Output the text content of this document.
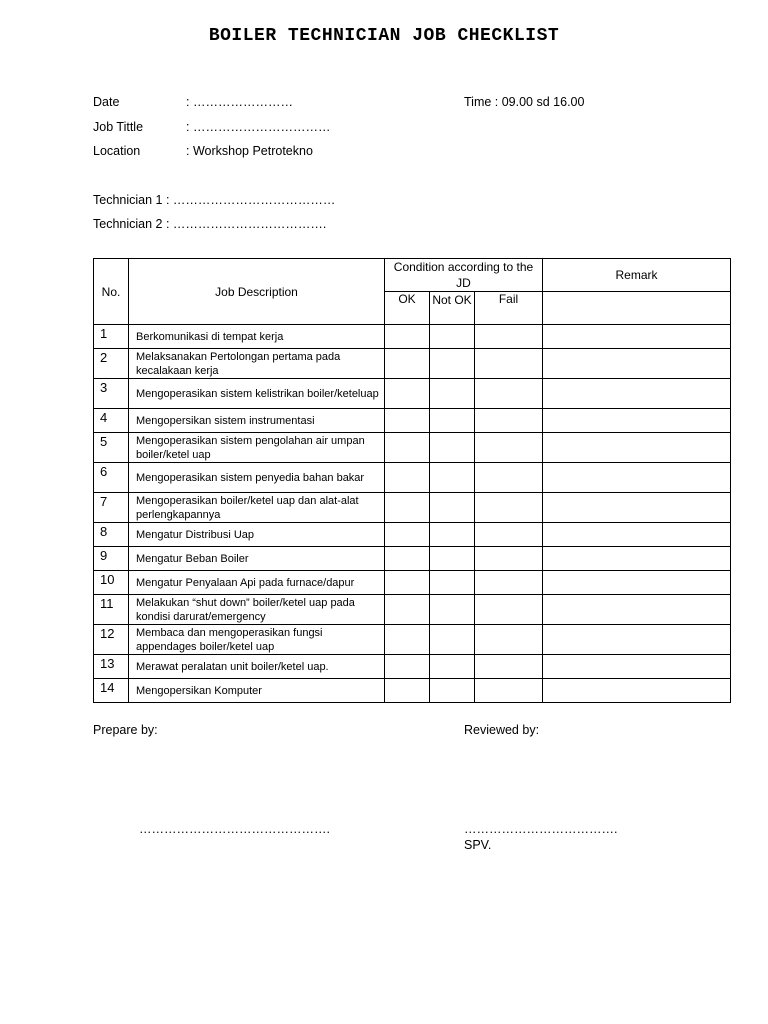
BOILER TECHNICIAN JOB CHECKLIST
Date	: ……………………	Time : 09.00 sd 16.00
Job Tittle	: ……………………………
Location	: Workshop Petrotekno
Technician 1 : …………………………………
Technician 2 : ……………………………….
No.	Job Description	Condition according to the JD			Remark
		OK	Not OK	Fail	
1	Berkomunikasi di tempat kerja				
2	Melaksanakan Pertolongan pertama pada kecalakaan kerja				
3	Mengoperasikan sistem kelistrikan boiler/keteluap				
4	Mengopersikan sistem instrumentasi				
5	Mengoperasikan sistem pengolahan air umpan boiler/ketel uap				
6	Mengoperasikan sistem penyedia bahan bakar				
7	Mengoperasikan boiler/ketel uap dan alat-alat perlengkapannya				
8	Mengatur Distribusi Uap				
9	Mengatur Beban Boiler				
10	Mengatur Penyalaan Api pada furnace/dapur				
11	Melakukan “shut down” boiler/ketel uap pada kondisi darurat/emergency				
12	Membaca dan mengoperasikan fungsi appendages boiler/ketel uap				
13	Merawat peralatan unit boiler/ketel uap.				
14	Mengopersikan Komputer				
Prepare by:	Reviewed by:
……………………………………….	……………………………….
SPV.
